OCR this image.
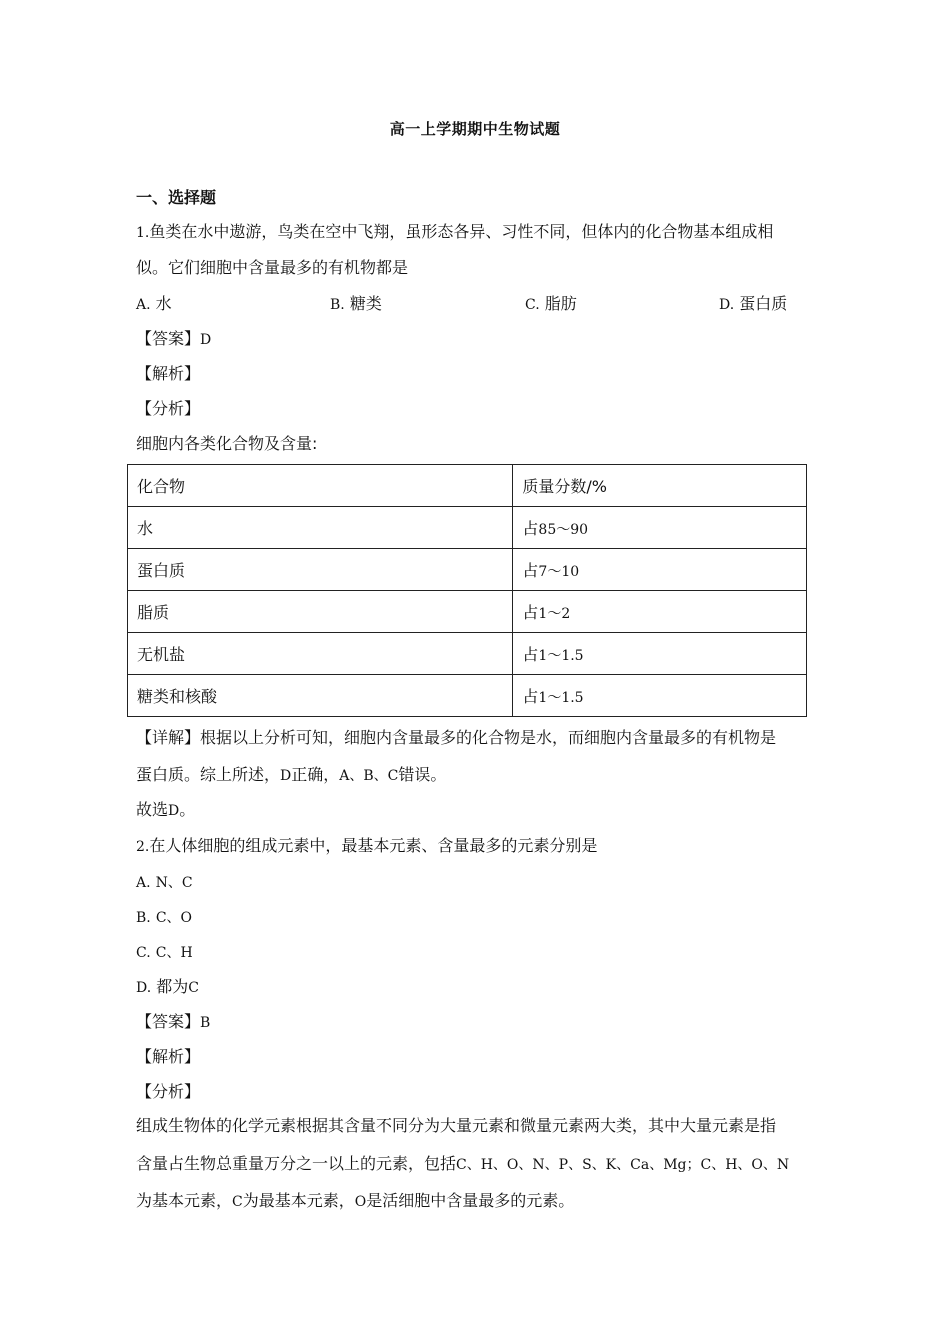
高一上学期期中生物试题
一、选择题
1.鱼类在水中遨游，鸟类在空中飞翔，虽形态各异、习性不同，但体内的化合物基本组成相
似。它们细胞中含量最多的有机物都是
A. 水	B. 糖类	C. 脂肪	D. 蛋白质
【答案】D
【解析】
【分析】
细胞内各类化合物及含量:
化合物	质量分数/%
水	占85～90
蛋白质	占7～10
脂质	占1～2
无机盐	占1～1.5
糖类和核酸	占1～1.5
【详解】根据以上分析可知，细胞内含量最多的化合物是水，而细胞内含量最多的有机物是
蛋白质。综上所述，D正确，A、B、C错误。
故选D。
2.在人体细胞的组成元素中，最基本元素、含量最多的元素分别是
A. N、C
B. C、O
C. C、H
D. 都为C
【答案】B
【解析】
【分析】
组成生物体的化学元素根据其含量不同分为大量元素和微量元素两大类，其中大量元素是指
含量占生物总重量万分之一以上的元素，包括C、H、O、N、P、S、K、Ca、Mg；C、H、O、N
为基本元素，C为最基本元素，O是活细胞中含量最多的元素。
